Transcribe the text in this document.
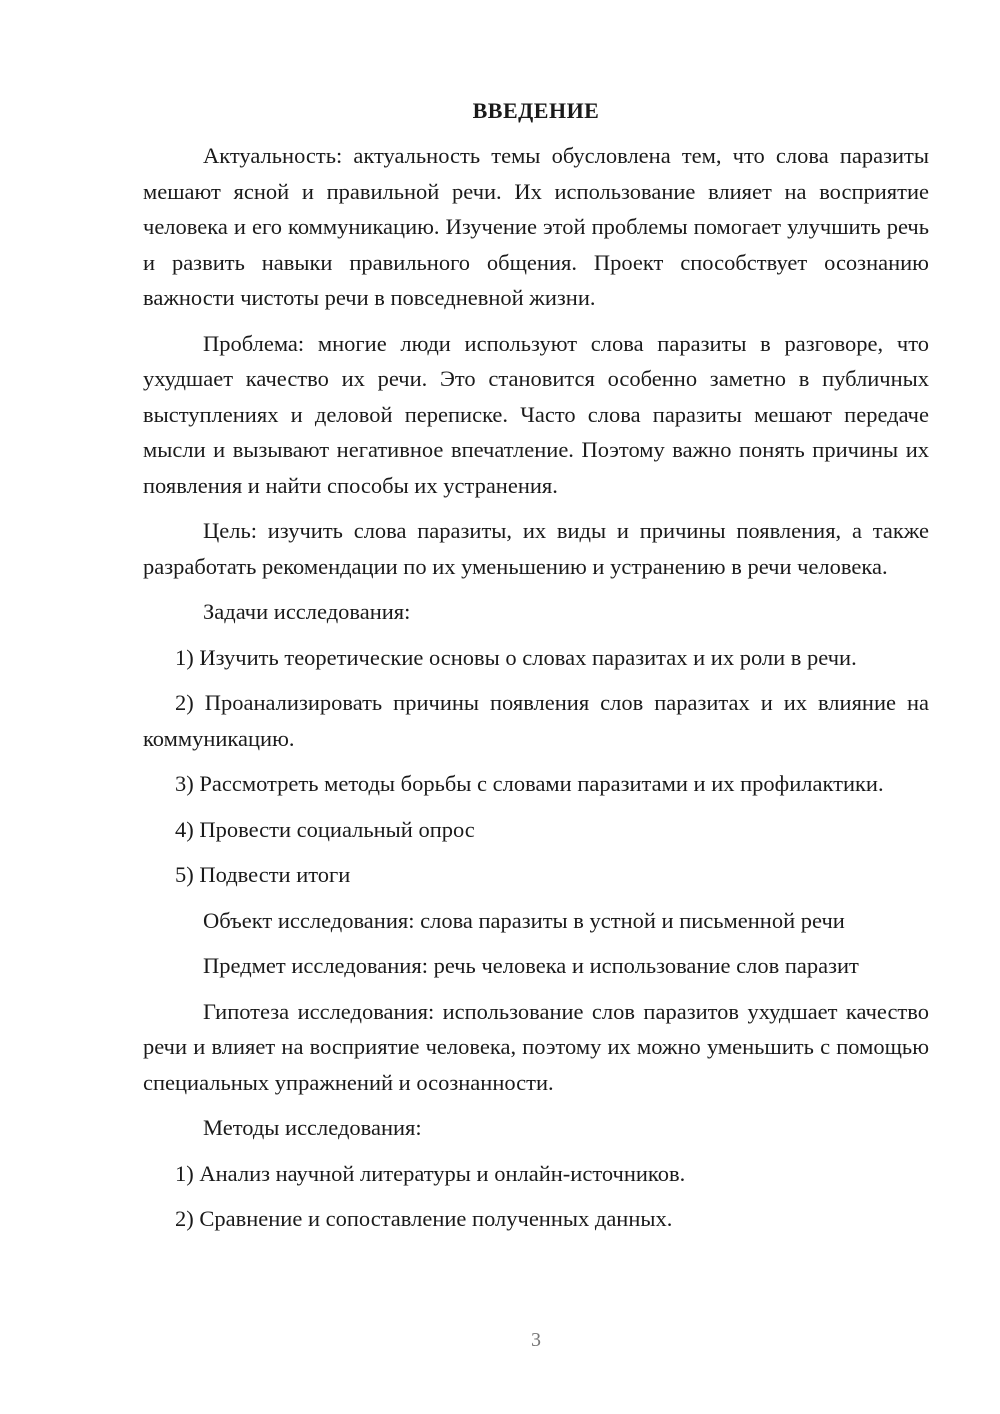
ВВЕДЕНИЕ

Актуальность: актуальность темы обусловлена тем, что слова паразиты мешают ясной и правильной речи. Их использование влияет на восприятие человека и его коммуникацию. Изучение этой проблемы помогает улучшить речь и развить навыки правильного общения. Проект способствует осознанию важности чистоты речи в повседневной жизни.

Проблема: многие люди используют слова паразиты в разговоре, что ухудшает качество их речи. Это становится особенно заметно в публичных выступлениях и деловой переписке. Часто слова паразиты мешают передаче мысли и вызывают негативное впечатление. Поэтому важно понять причины их появления и найти способы их устранения.

Цель: изучить слова паразиты, их виды и причины появления, а также разработать рекомендации по их уменьшению и устранению в речи человека.

Задачи исследования:

1) Изучить теоретические основы о словах паразитах и их роли в речи.

2) Проанализировать причины появления слов паразитах и их влияние на коммуникацию.

3) Рассмотреть методы борьбы с словами паразитами и их профилактики.

4) Провести социальный опрос

5) Подвести итоги

Объект исследования: слова паразиты в устной и письменной речи

Предмет исследования: речь человека и использование слов паразит

Гипотеза исследования: использование слов паразитов ухудшает качество речи и влияет на восприятие человека, поэтому их можно уменьшить с помощью специальных упражнений и осознанности.

Методы исследования:

1) Анализ научной литературы и онлайн-источников.

2) Сравнение и сопоставление полученных данных.

3
